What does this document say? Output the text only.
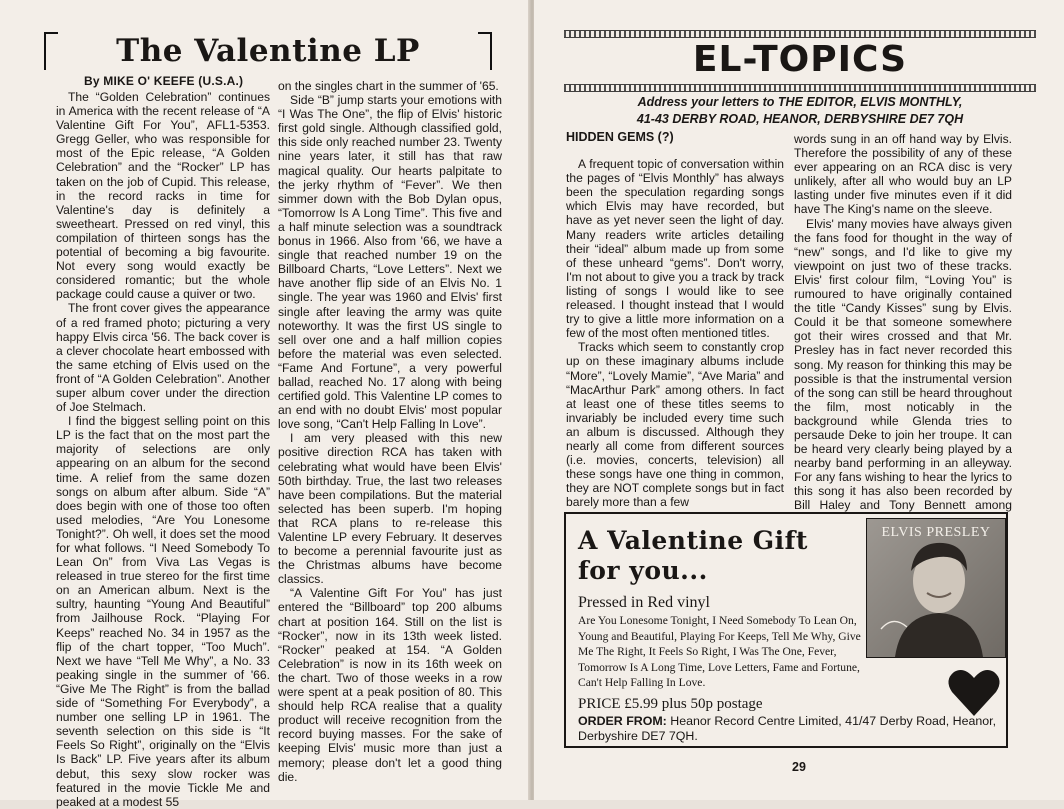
The Valentine LP
By MIKE O' KEEFE (U.S.A.)

The “Golden Celebration” continues in America with the recent release of “A Valentine Gift For You”, AFL1-5353. Gregg Geller, who was responsible for most of the Epic release, “A Golden Celebration” and the “Rocker” LP has taken on the job of Cupid. This release, in the record racks in time for Valentine's day is definitely a sweetheart. Pressed on red vinyl, this compilation of thirteen songs has the potential of becoming a big favourite. Not every song would exactly be considered romantic; but the whole package could cause a quiver or two.

The front cover gives the appearance of a red framed photo; picturing a very happy Elvis circa '56. The back cover is a clever chocolate heart embossed with the same etching of Elvis used on the front of “A Golden Celebration”. Another super album cover under the direction of Joe Stelmach.

I find the biggest selling point on this LP is the fact that on the most part the majority of selections are only appearing on an album for the second time. A relief from the same dozen songs on album after album. Side “A” does begin with one of those too often used melodies, “Are You Lonesome Tonight?”. Oh well, it does set the mood for what follows. “I Need Somebody To Lean On” from Viva Las Vegas is released in true stereo for the first time on an American album. Next is the sultry, haunting “Young And Beautiful” from Jailhouse Rock. “Playing For Keeps” reached No. 34 in 1957 as the flip of the chart topper, “Too Much”. Next we have “Tell Me Why”, a No. 33 peaking single in the summer of '66. “Give Me The Right” is from the ballad side of “Something For Everybody”, a number one selling LP in 1961. The seventh selection on this side is “It Feels So Right”, originally on the “Elvis Is Back” LP. Five years after its album debut, this sexy slow rocker was featured in the movie Tickle Me and peaked at a modest 55

on the singles chart in the summer of '65.

Side “B” jump starts your emotions with “I Was The One”, the flip of Elvis' historic first gold single. Although classified gold, this side only reached number 23. Twenty nine years later, it still has that raw magical quality. Our hearts palpitate to the jerky rhythm of “Fever”. We then simmer down with the Bob Dylan opus, “Tomorrow Is A Long Time”. This five and a half minute selection was a soundtrack bonus in 1966. Also from '66, we have a single that reached number 19 on the Billboard Charts, “Love Letters”. Next we have another flip side of an Elvis No. 1 single. The year was 1960 and Elvis' first single after leaving the army was quite noteworthy. It was the first US single to sell over one and a half million copies before the material was even selected. “Fame And Fortune”, a very powerful ballad, reached No. 17 along with being certified gold. This Valentine LP comes to an end with no doubt Elvis' most popular love song, “Can't Help Falling In Love”.

I am very pleased with this new positive direction RCA has taken with celebrating what would have been Elvis' 50th birthday. True, the last two releases have been compilations. But the material selected has been superb. I'm hoping that RCA plans to re-release this Valentine LP every February. It deserves to become a perennial favourite just as the Christmas albums have become classics.

“A Valentine Gift For You” has just entered the “Billboard” top 200 albums chart at position 164. Still on the list is “Rocker”, now in its 13th week listed. “Rocker” peaked at 154. “A Golden Celebration” is now in its 16th week on the chart. Two of those weeks in a row were spent at a peak position of 80. This should help RCA realise that a quality product will receive recognition from the record buying masses. For the sake of keeping Elvis' music more than just a memory; please don't let a good thing die.

EL-TOPICS
Address your letters to THE EDITOR, ELVIS MONTHLY,
41-43 DERBY ROAD, HEANOR, DERBYSHIRE DE7 7QH
HIDDEN GEMS (?)

A frequent topic of conversation within the pages of “Elvis Monthly” has always been the speculation regarding songs which Elvis may have recorded, but have as yet never seen the light of day. Many readers write articles detailing their “ideal” album made up from some of these unheard “gems”. Don't worry, I'm not about to give you a track by track listing of songs I would like to see released. I thought instead that I would try to give a little more information on a few of the most often mentioned titles.

Tracks which seem to constantly crop up on these imaginary albums include “More”, “Lovely Mamie”, “Ave Maria” and “MacArthur Park” among others. In fact at least one of these titles seems to invariably be included every time such an album is discussed. Although they nearly all come from different sources (i.e. movies, concerts, television) all these songs have one thing in common, they are NOT complete songs but in fact barely more than a few

words sung in an off hand way by Elvis. Therefore the possibility of any of these ever appearing on an RCA disc is very unlikely, after all who would buy an LP lasting under five minutes even if it did have The King's name on the sleeve.

Elvis' many movies have always given the fans food for thought in the way of “new” songs, and I'd like to give my viewpoint on just two of these tracks. Elvis' first colour film, “Loving You” is rumoured to have originally contained the title “Candy Kisses” sung by Elvis. Could it be that someone somewhere got their wires crossed and that Mr. Presley has in fact never recorded this song. My reason for thinking this may be possible is that the instrumental version of the song can still be heard throughout the film, most noticably in the background while Glenda tries to persaude Deke to join her troupe. It can be heard very clearly being played by a nearby band performing in an alleyway. For any fans wishing to hear the lyrics to this song it has also been recorded by Bill Haley and Tony Bennett among

A Valentine Gift
for you...
Pressed in Red vinyl
Are You Lonesome Tonight, I Need Somebody To Lean On, Young and Beautiful, Playing For Keeps, Tell Me Why, Give Me The Right, It Feels So Right, I Was The One, Fever, Tomorrow Is A Long Time, Love Letters, Fame and Fortune, Can't Help Falling In Love.
PRICE £5.99 plus 50p postage
ORDER FROM: Heanor Record Centre Limited, 41/47 Derby Road, Heanor, Derbyshire DE7 7QH.
ELVIS PRESLEY
29
